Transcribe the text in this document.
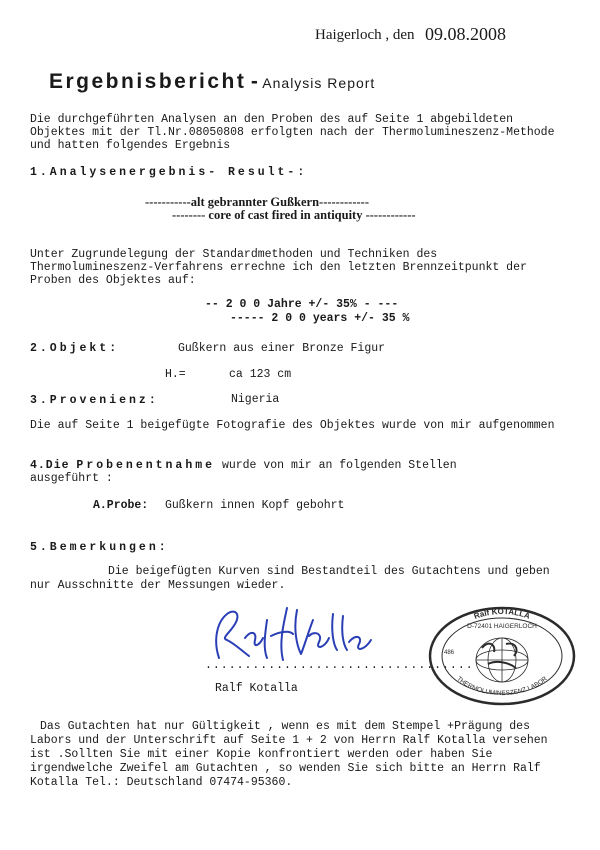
Haigerloch , den 09.08.2008
Ergebnisbericht - Analysis Report
Die durchgeführten Analysen an den Proben des auf Seite 1 abgebildeten
Objektes mit der Tl.Nr.08050808 erfolgten nach der Thermolumineszenz-Methode
und hatten folgendes Ergebnis
1.Analysenergebnis- Result-:
-----------alt gebrannter Gußkern------------
-------- core of cast fired in antiquity ------------
Unter Zugrundelegung der Standardmethoden und Techniken des
Thermolumineszenz-Verfahrens errechne ich den letzten Brennzeitpunkt der
Proben des Objektes auf:
-- 2 0 0 Jahre +/- 35% - ---
----- 2 0 0 years +/- 35 %
2.Objekt:	Gußkern aus einer Bronze Figur
H.=	ca 123 cm
3.Provenienz:	Nigeria
Die auf Seite 1 beigefügte Fotografie des Objektes wurde von mir aufgenommen
4.Die Probenentnahme wurde von mir an folgenden Stellen
ausgeführt :
A.Probe: Gußkern innen Kopf gebohrt
5.Bemerkungen:
Die beigefügten Kurven sind Bestandteil des Gutachtens und geben
nur Ausschnitte der Messungen wieder.
..................................
Ralf Kotalla
Ralf KOTALLA
D-72401 HAIGERLOCH
486
THERMOLUMINESZENZ LABOR
Das Gutachten hat nur Gültigkeit , wenn es mit dem Stempel +Prägung des
Labors und der Unterschrift auf Seite 1 + 2 von Herrn Ralf Kotalla versehen
ist .Sollten Sie mit einer Kopie konfrontiert werden oder haben Sie
irgendwelche Zweifel am Gutachten , so wenden Sie sich bitte an Herrn Ralf
Kotalla Tel.: Deutschland 07474-95360.
